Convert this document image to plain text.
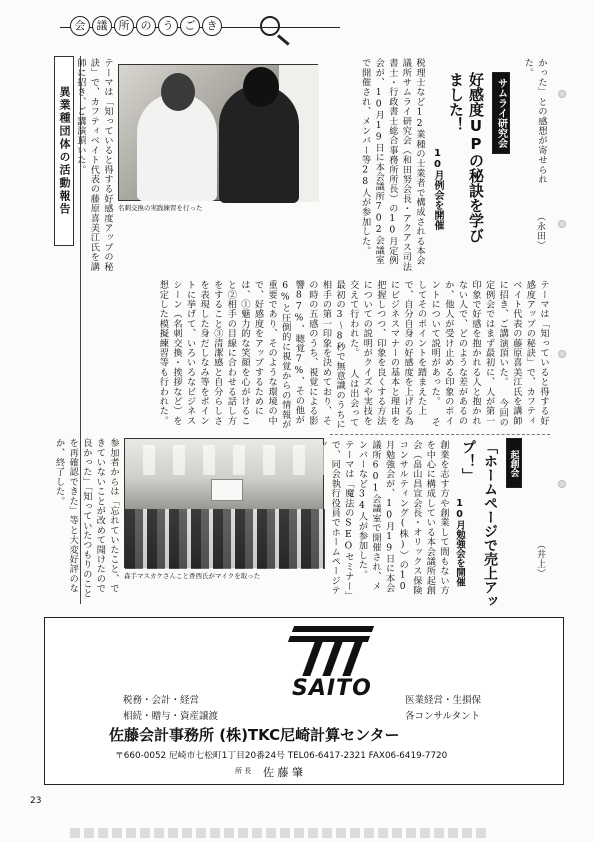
会	議	所	の	う	ご	き
異業種団体の活動報告	サムライ研究会
好感度UPの秘訣を学び
ました！
10月例会を開催
かった」との感想が寄せられた。
（永田）
税理士など12業種の士業者で構成される本会議所サムライ研究会（和田努会長・アクアス司法書士・行政書士総合事務所所長）の10月定例会が、10月19日に本会議所702会議室で開催され、メンバー等28人が参加した。
名刺交換の実践練習を行った
テーマは「知っていると得する好感度アップの秘訣」で、カフティベイト代表の藤原喜美江氏を講師に招き、ご講演頂いた。
テーマは「知っていると得する好感度アップの秘訣」で、カフティベイト代表の藤原喜美江氏を講師に招き、ご講演頂いた。 今回の定例会ではまず最初に、人が第一印象で好感を抱かれる人と抱かれない人で、どのような差があるのか、他人が受け止める印象のポイントについて説明があった。 そしてそのポイントを踏まえた上で、自分自身の好感度を上げる為にビジネスマナーの基本と理由を把握しつつ、印象を良くする方法についての説明がクイズや実技を交えて行われた。 人は出会って最初の3〜8秒で無意識のうちに相手の第一印象を決めており、その時の五感のうち、視覚による影響87%、聴覚7%、その他が6%と圧倒的に視覚からの情報が重要であり、そのような環境の中で、好感度をアップするためには、①魅力的な笑顔を心がけること②相手の目線に合わせる話し方をすること③清潔感と自分らしさを表現した身だしなみ等をポイントに挙げて、いろいろなビジネスシーン（名刺交換・挨拶など）を想定した模擬練習等も行われた。
参加者からは「忘れていたこと、できていないことが改めて聞けたので良かった」「知っていたつもりのことを再確認できた」等と大変好評のなか、終了した。	起創会
「ホームページで売上アッ
プ！」
10月勉強会を開催	（井上）
創業を志す方や創業して間もない方を中心に構成している本会議所起創会（畠山昌宣会長・オリックス保険コンサルティング(株)）の10月勉強会が、10月19日に本会議所601会議室で開催され、メンバーなど34人が参加した。 テーマは「魔法のSEOセミナー」で、同会執行役員でホームページテ
森手マスカケさんこと香西氏がマイクを取った
SAITO
税務・会計・経営
相続・贈与・資産譲渡
医業経営・生損保
各コンサルタント
佐藤会計事務所 (株)TKC尼崎計算センター
〒660-0052 尼崎市七松町1丁目20番24号 TEL06-6417-2321 FAX06-6419-7720
所 長 佐 藤 肇
23
